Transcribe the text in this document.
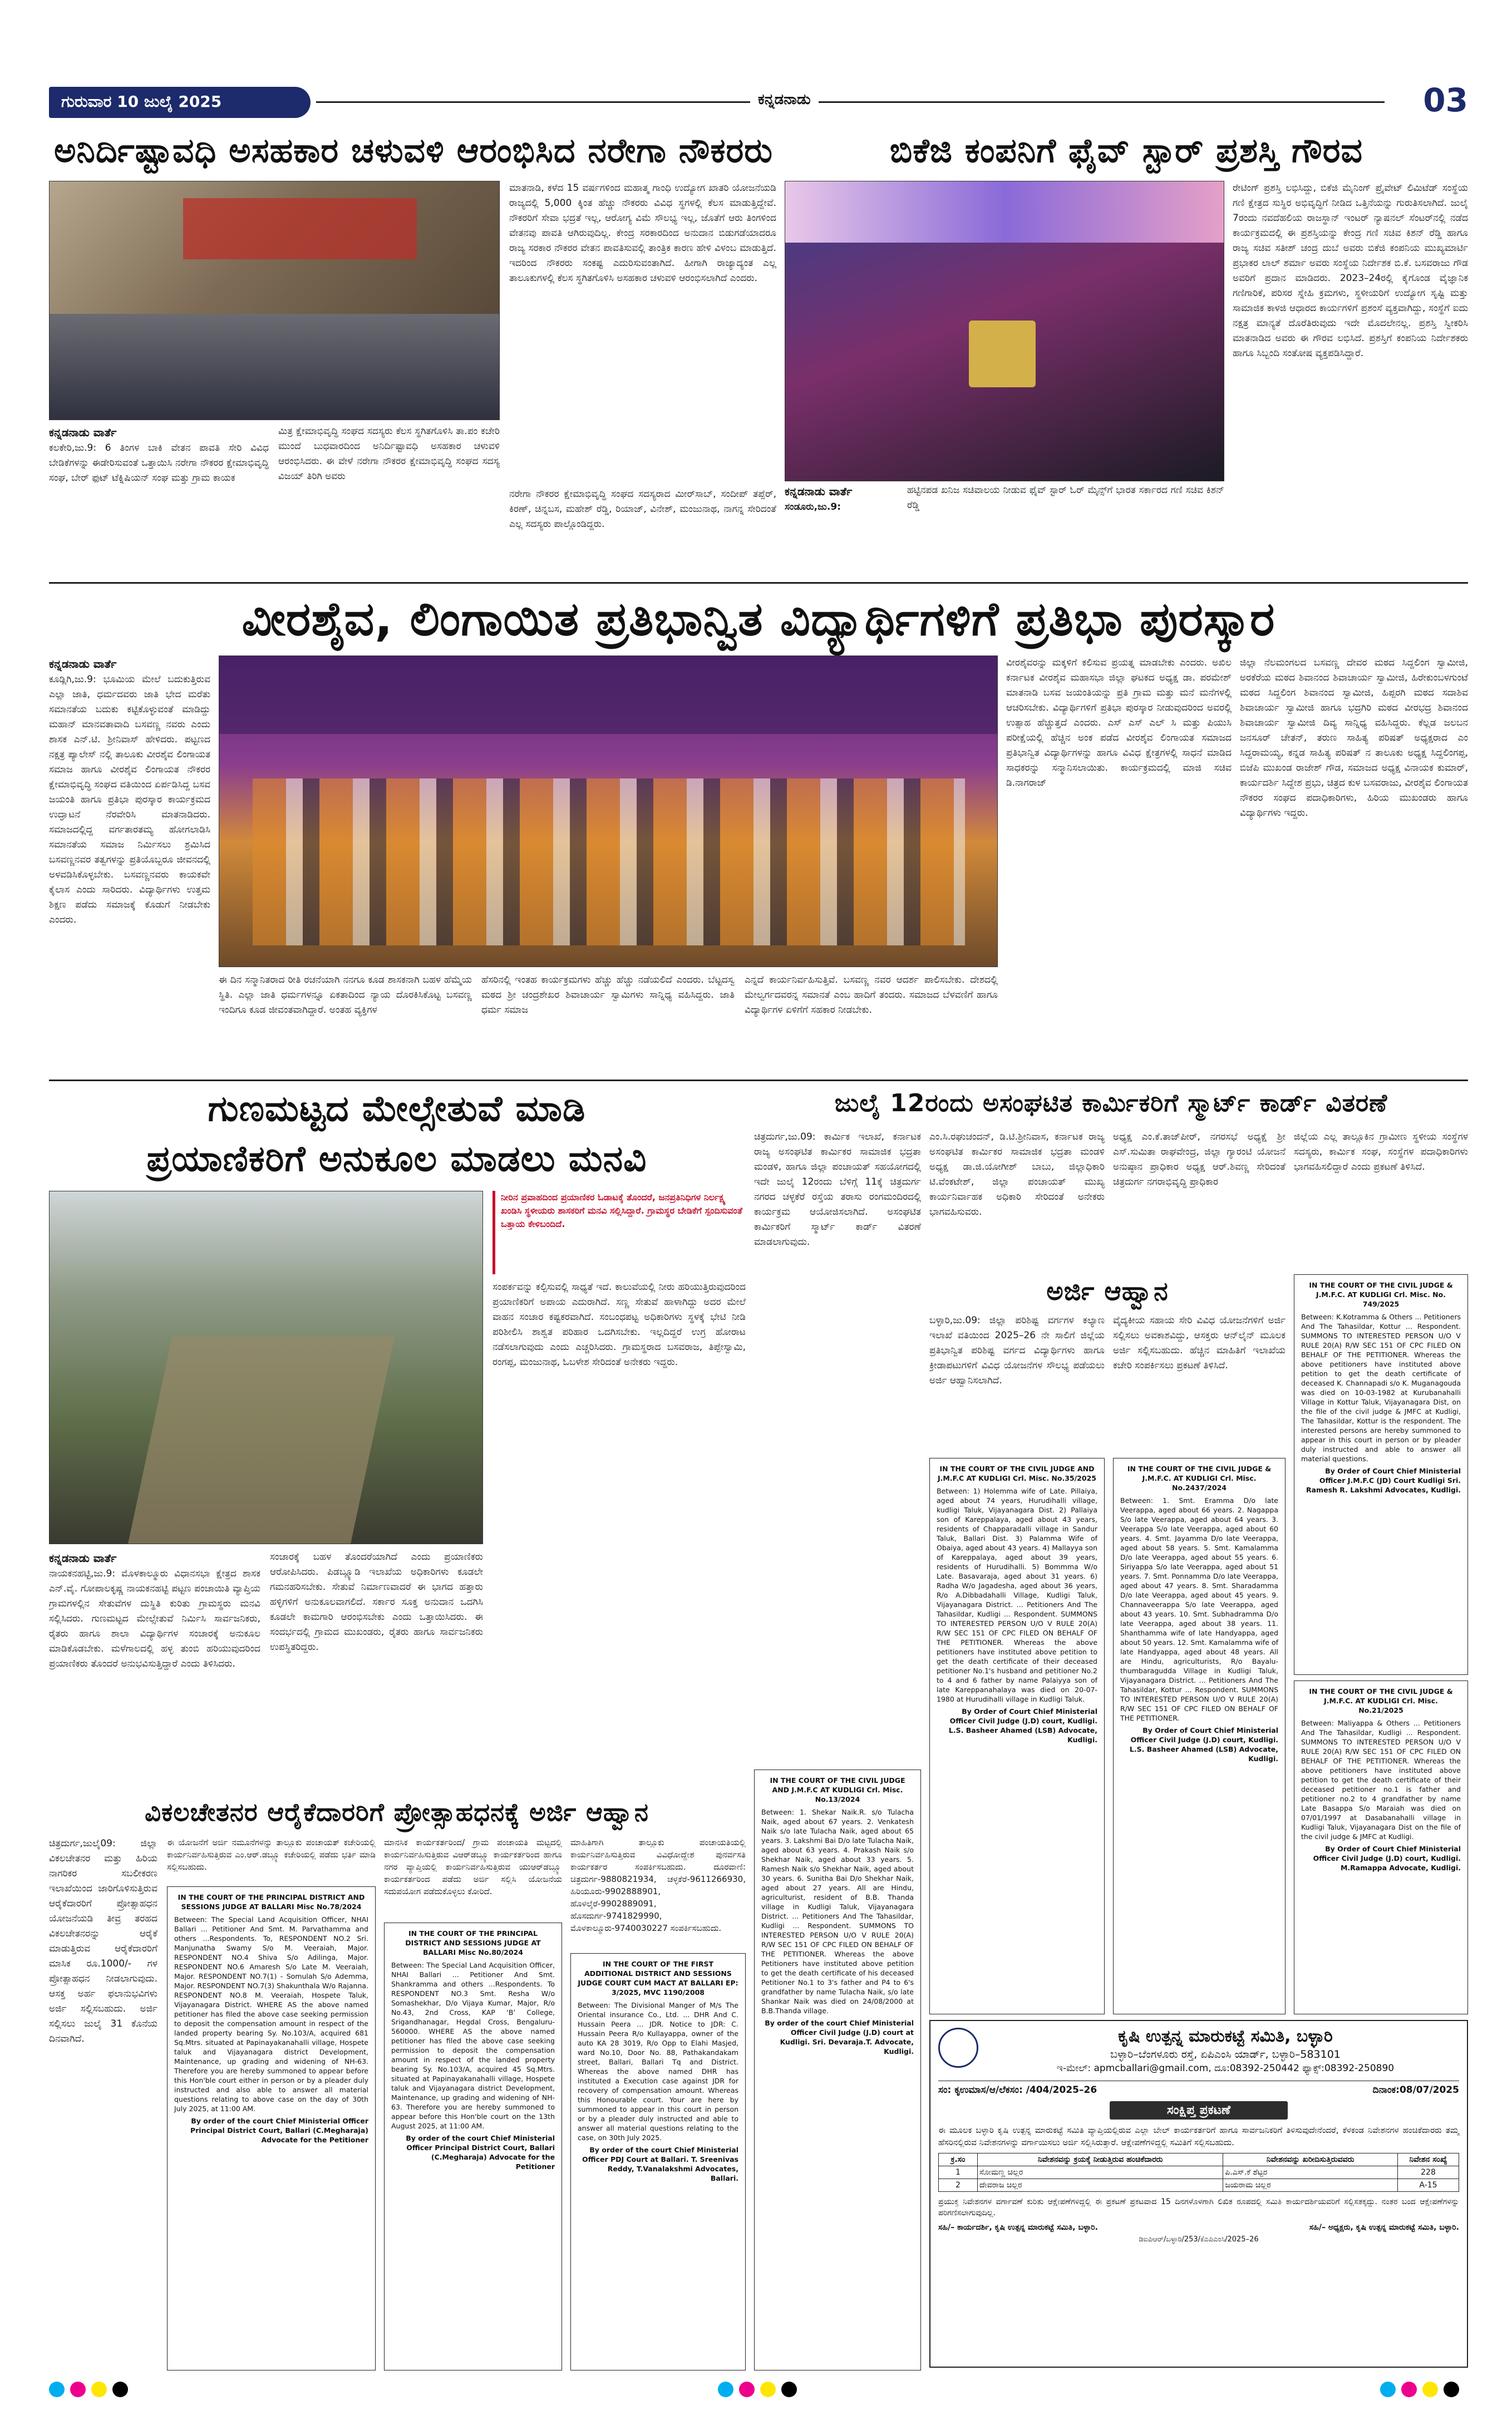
ಗುರುವಾರ 10 ಜುಲೈ 2025	ಕನ್ನಡನಾಡು	03
ಅನಿರ್ದಿಷ್ಟಾವಧಿ ಅಸಹಕಾರ ಚಳುವಳಿ ಆರಂಭಿಸಿದ ನರೇಗಾ ನೌಕರರು
ಕನ್ನಡನಾಡು ವಾರ್ತೆ
ಕಲಕೇರಿ,ಜು.9: 6 ತಿಂಗಳ ಬಾಕಿ ವೇತನ ಪಾವತಿ ಸೇರಿ ವಿವಿಧ ಬೇಡಿಕೆಗಳನ್ನು ಈಡೇರಿಸುವಂತೆ ಒತ್ತಾಯಿಸಿ ನರೇಗಾ ನೌಕರರ ಕ್ಷೇಮಾಭಿವೃದ್ಧಿ ಸಂಘ, ಬೇರ್ ಫುಟ್ ಟೆಕ್ನಿಷಿಯನ್ ಸಂಘ ಮತ್ತು ಗ್ರಾಮ ಕಾಯಕ
ಮಿತ್ರ ಕ್ಷೇಮಾಭಿವೃದ್ಧಿ ಸಂಘದ ಸದಸ್ಯರು ಕೆಲಸ ಸ್ಥಗಿತಗೊಳಿಸಿ ತಾ.ಪಂ ಕಚೇರಿ ಮುಂದೆ ಬುಧವಾರದಿಂದ ಅನಿರ್ದಿಷ್ಟಾವಧಿ ಅಸಹಕಾರ ಚಳುವಳಿ ಆರಂಭಿಸಿದರು. ಈ ವೇಳೆ ನರೇಗಾ ನೌಕರರ ಕ್ಷೇಮಾಭಿವೃದ್ಧಿ ಸಂಘದ ಸದಸ್ಯ ವಿಜಯ್ ತಿರಿಗಿ ಅವರು
ಮಾತನಾಡಿ, ಕಳೆದ 15 ವರ್ಷಗಳಿಂದ ಮಹಾತ್ಮ ಗಾಂಧಿ ಉದ್ಯೋಗ ಖಾತರಿ ಯೋಜನೆಯಡಿ ರಾಜ್ಯದಲ್ಲಿ 5,000 ಕ್ಕಿಂತ ಹೆಚ್ಚು ನೌಕರರು ವಿವಿಧ ಸ್ಥಗಳಲ್ಲಿ ಕೆಲಸ ಮಾಡುತ್ತಿದ್ದೇವೆ. ನೌಕರರಿಗೆ ಸೇವಾ ಭದ್ರತೆ ಇಲ್ಲ, ಆರೋಗ್ಯ ವಿಮೆ ಸೌಲಭ್ಯ ಇಲ್ಲ, ಜೊತೆಗೆ ಆರು ತಿಂಗಳಿಂದ ವೇತನವು ಪಾವತಿ ಆಗಿರುವುದಿಲ್ಲ. ಕೇಂದ್ರ ಸರಕಾರದಿಂದ ಅನುದಾನ ಬಿಡುಗಡೆಯಾದರೂ ರಾಜ್ಯ ಸರಕಾರ ನೌಕರರ ವೇತನ ಪಾವತಿಸುವಲ್ಲಿ ತಾಂತ್ರಿಕ ಕಾರಣ ಹೇಳಿ ವಿಳಂಬ ಮಾಡುತ್ತಿದೆ. ಇದರಿಂದ ನೌಕರರು ಸಂಕಷ್ಟ ಎದುರಿಸುವಂತಾಗಿದೆ. ಹೀಗಾಗಿ ರಾಜ್ಯಾದ್ಯಂತ ಎಲ್ಲ ತಾಲೂಕುಗಳಲ್ಲಿ ಕೆಲಸ ಸ್ಥಗಿತಗೊಳಿಸಿ ಅಸಹಕಾರ ಚಳುವಳಿ ಆರಂಭಿಸಲಾಗಿದೆ ಎಂದರು.
ನರೇಗಾ ನೌಕರರ ಕ್ಷೇಮಾಭಿವೃದ್ಧಿ ಸಂಘದ ಸದಸ್ಯರಾದ ಮೀರ್‌ಸಾಬ್, ಸಂದೀಪ್ ತಪ್ಪೆರ್, ಕಿರಣ್, ಚಿನ್ನಬಸ, ಮಹೇಶ್ ರೆಡ್ಡಿ, ರಿಯಾಜ್, ವಿನೇಶ್, ಮಂಜುನಾಥ, ನಾಗನ್ನ ಸೇರಿದಂತೆ ಎಲ್ಲ ಸದಸ್ಯರು ಪಾಲ್ಗೊಂಡಿದ್ದರು.
ಬಿಕೆಜಿ ಕಂಪನಿಗೆ ಫೈವ್ ಸ್ಟಾರ್ ಪ್ರಶಸ್ತಿ ಗೌರವ
ಕನ್ನಡನಾಡು ವಾರ್ತೆ
ಸಂಡೂರು,ಜು.9:
ಹಟ್ಟಿನಪಡ ಖನಿಜ ಸಚಿವಾಲಯ ನೀಡುವ ಫೈವ್ ಸ್ಟಾರ್ ಓರ್ ಮೈನ್ಸ್‌ಗೆ ಭಾರತ ಸರ್ಕಾರದ ಗಣಿ ಸಚಿವ ಕಿಶನ್ ರೆಡ್ಡಿ
ರೇಟಿಂಗ್ ಪ್ರಶಸ್ತಿ ಲಭಿಸಿದ್ದು, ಬಿಕೆಜಿ ಮೈನಿಂಗ್ ಪ್ರೈವೇಟ್ ಲಿಮಿಟೆಡ್ ಸಂಸ್ಥೆಯ ಗಣಿ ಕ್ಷೇತ್ರದ ಸುಸ್ಥಿರ ಅಭಿವೃದ್ಧಿಗೆ ನೀಡಿದ ಒತ್ತಿನೆಯನ್ನು ಗುರುತಿಸಲಾಗಿದೆ. ಜುಲೈ 7ರಂದು ನವದೆಹಲಿಯ ರಾಜಸ್ಥಾನ್ ಇಂಟರ್ ನ್ಯಾಷನಲ್ ಸೆಂಟರ್‌ನಲ್ಲಿ ನಡೆದ ಕಾರ್ಯಕ್ರಮದಲ್ಲಿ ಈ ಪ್ರಶಸ್ತಿಯನ್ನು ಕೇಂದ್ರ ಗಣಿ ಸಚಿವ ಕಿಶನ್ ರೆಡ್ಡಿ ಹಾಗೂ ರಾಜ್ಯ ಸಚಿವ ಸತೀಶ್ ಚಂದ್ರ ದುಬೆ ಅವರು ಬಿಕೆಜಿ ಕಂಪನಿಯ ಮುಖ್ಯಮಾರ್ಟಿ ಪ್ರಭಾಕರ ಲಾಲ್ ಶರ್ಮಾ ಅವರು ಸಂಸ್ಥೆಯ ನಿರ್ದೇಶಕ ಬಿ.ಕೆ. ಬಸವರಾಜು ಗೌಡ ಅವರಿಗೆ ಪ್ರದಾನ ಮಾಡಿದರು. 2023–24ರಲ್ಲಿ ಕೈಗೊಂಡ ವೈಜ್ಞಾನಿಕ ಗಣಿಗಾರಿಕೆ, ಪರಿಸರ ಸ್ನೇಹಿ ಕ್ರಮಗಳು, ಸ್ಥಳೀಯರಿಗೆ ಉದ್ಯೋಗ ಸೃಷ್ಟಿ ಮತ್ತು ಸಾಮಾಜಿಕ ಕಾಳಜಿ ಆಧಾರದ ಕಾರ್ಯಗಳಿಗೆ ಪ್ರಶಂಸೆ ವ್ಯಕ್ತವಾಗಿದ್ದು, ಸಂಸ್ಥೆಗೆ ಐದು ನಕ್ಷತ್ರ ಮಾನ್ಯತೆ ದೊರೆತಿರುವುದು ಇದೇ ಮೊದಲೇನಲ್ಲ. ಪ್ರಶಸ್ತಿ ಸ್ವೀಕರಿಸಿ ಮಾತನಾಡಿದ ಅವರು ಈ ಗೌರವ ಲಭಿಸಿದೆ. ಪ್ರಶಸ್ತಿಗೆ ಕಂಪನಿಯ ನಿರ್ದೇಶಕರು ಹಾಗೂ ಸಿಬ್ಬಂದಿ ಸಂತೋಷ ವ್ಯಕ್ತಪಡಿಸಿದ್ದಾರೆ.
ವೀರಶೈವ, ಲಿಂಗಾಯಿತ ಪ್ರತಿಭಾನ್ವಿತ ವಿದ್ಯಾರ್ಥಿಗಳಿಗೆ ಪ್ರತಿಭಾ ಪುರಸ್ಕಾರ
ಕನ್ನಡನಾಡು ವಾರ್ತೆ
ಕೂಡ್ಲಿಗಿ,ಜು.9: ಭೂಮಿಯ ಮೇಲೆ ಬದುಕುತ್ತಿರುವ ಎಲ್ಲಾ ಜಾತಿ, ಧರ್ಮದವರು ಜಾತಿ ಭೇದ ಮರೆತು ಸಮಾನತೆಯ ಬದುಕು ಕಟ್ಟಿಕೊಳ್ಳುವಂತೆ ಮಾಡಿದ್ದು ಮಹಾನ್ ಮಾನವತಾವಾದಿ ಬಸವಣ್ಣ ನವರು ಎಂದು ಶಾಸಕ ಎನ್.ಟಿ. ಶ್ರೀನಿವಾಸ್ ಹೇಳಿದರು. ಪಟ್ಟಣದ ನಕ್ಷತ್ರ ಪ್ಯಾಲೇಸ್ ನಲ್ಲಿ ತಾಲೂಕು ವೀರಶೈವ ಲಿಂಗಾಯತ ಸಮಾಜ ಹಾಗೂ ವೀರಶೈವ ಲಿಂಗಾಯತ ನೌಕರರ ಕ್ಷೇಮಾಭಿವೃದ್ಧಿ ಸಂಘದ ವತಿಯಿಂದ ಏರ್ಪಡಿಸಿದ್ದ ಬಸವ ಜಯಂತಿ ಹಾಗೂ ಪ್ರತಿಭಾ ಪುರಸ್ಕಾರ ಕಾರ್ಯಕ್ರಮದ ಉದ್ಘಾಟನೆ ನೆರವೇರಿಸಿ ಮಾತನಾಡಿದರು. ಸಮಾಜದಲ್ಲಿದ್ದ ವರ್ಗತಾರತಮ್ಯ ಹೋಗಲಾಡಿಸಿ ಸಮಾನತೆಯ ಸಮಾಜ ನಿರ್ಮಿಸಲು ಶ್ರಮಿಸಿದ ಬಸವಣ್ಣನವರ ತತ್ವಗಳನ್ನು ಪ್ರತಿಯೊಬ್ಬರೂ ಜೀವನದಲ್ಲಿ ಅಳವಡಿಸಿಕೊಳ್ಳಬೇಕು. ಬಸವಣ್ಣನವರು ಕಾಯಕವೇ ಕೈಲಾಸ ಎಂದು ಸಾರಿದರು. ವಿದ್ಯಾರ್ಥಿಗಳು ಉತ್ತಮ ಶಿಕ್ಷಣ ಪಡೆದು ಸಮಾಜಕ್ಕೆ ಕೊಡುಗೆ ನೀಡಬೇಕು ಎಂದರು.
ಈ ದಿನ ಸನ್ಮಾನಿತರಾದ ರೀತಿ ರಚನೆಯಾಗಿ ನನಗೂ ಕೂಡ ಶಾಸಕನಾಗಿ ಬಹಳ ಹೆಮ್ಮೆಯ ಸ್ಥಿತಿ. ಎಲ್ಲಾ ಜಾತಿ ಧರ್ಮಗಳನ್ನೂ ಏಕತಾದಿಂದ ನ್ಯಾಯ ದೊರಕಿಸಿಕೊಟ್ಟ ಬಸವಣ್ಣ ಇಂದಿಗೂ ಕೂಡ ಜೀವಂತವಾಗಿದ್ದಾರೆ. ಅಂತಹ ವ್ಯಕ್ತಿಗಳ
ಹೆಸರಿನಲ್ಲಿ ಇಂತಹ ಕಾರ್ಯಕ್ರಮಗಳು ಹೆಚ್ಚು ಹೆಚ್ಚು ನಡೆಯಲಿದೆ ಎಂದರು. ಬೆಟ್ಟದಸ್ವ ಮಠದ ಶ್ರೀ ಚಂದ್ರಶೇಖರ ಶಿವಾಚಾರ್ಯ ಸ್ವಾಮಿಗಳು ಸಾನ್ನಿಧ್ಯ ವಹಿಸಿದ್ದರು. ಜಾತಿ ಧರ್ಮ ಸಮಾಜ
ಎನ್ನದೆ ಕಾರ್ಯನಿರ್ವಹಿಸುತ್ತಿವೆ. ಬಸವಣ್ಣ ನವರ ಆದರ್ಶ ಪಾಲಿಸಬೇಕು. ದೇಶದಲ್ಲಿ ಮೇಲ್ವರ್ಗದವರನ್ನ ಸಮಾನತೆ ಎಂಬ ಹಾದಿಗೆ ತಂದರು. ಸಮಾಜದ ಬೆಳವಣಿಗೆ ಹಾಗೂ ವಿದ್ಯಾರ್ಥಿಗಳ ಏಳಿಗೆಗೆ ಸಹಕಾರ ನೀಡಬೇಕು.
ವೀರಶೈವರನ್ನು ಮಕ್ಕಳಿಗೆ ಕಲಿಸುವ ಪ್ರಯತ್ನ ಮಾಡಬೇಕು ಎಂದರು. ಅಖಿಲ ಕರ್ನಾಟಕ ವೀರಶೈವ ಮಹಾಸಭಾ ಜಿಲ್ಲಾ ಘಟಕದ ಅಧ್ಯಕ್ಷ ಡಾ. ಪರಮೇಶ್ ಮಾತನಾಡಿ ಬಸವ ಜಯಂತಿಯನ್ನು ಪ್ರತಿ ಗ್ರಾಮ ಮತ್ತು ಮನೆ ಮನೆಗಳಲ್ಲಿ ಆಚರಿಸಬೇಕು. ವಿದ್ಯಾರ್ಥಿಗಳಿಗೆ ಪ್ರತಿಭಾ ಪುರಸ್ಕಾರ ನೀಡುವುದರಿಂದ ಅವರಲ್ಲಿ ಉತ್ಸಾಹ ಹೆಚ್ಚುತ್ತದೆ ಎಂದರು. ಎಸ್ ಎಸ್ ಎಲ್ ಸಿ ಮತ್ತು ಪಿಯುಸಿ ಪರೀಕ್ಷೆಯಲ್ಲಿ ಹೆಚ್ಚಿನ ಅಂಕ ಪಡೆದ ವೀರಶೈವ ಲಿಂಗಾಯತ ಸಮಾಜದ ಪ್ರತಿಭಾನ್ವಿತ ವಿದ್ಯಾರ್ಥಿಗಳನ್ನು ಹಾಗೂ ವಿವಿಧ ಕ್ಷೇತ್ರಗಳಲ್ಲಿ ಸಾಧನೆ ಮಾಡಿದ ಸಾಧಕರನ್ನು ಸನ್ಮಾನಿಸಲಾಯಿತು. ಕಾರ್ಯಕ್ರಮದಲ್ಲಿ ಮಾಜಿ ಸಚಿವ ಡಿ.ನಾಗರಾಜ್
ಜಿಲ್ಲಾ ನೆಲಮಂಗಲದ ಬಸವಣ್ಣ ದೇವರ ಮಠದ ಸಿದ್ದಲಿಂಗ ಸ್ವಾಮೀಜಿ, ಅರಕೆರೆಯ ಮಠದ ಶಿವಾನಂದ ಶಿವಾಚಾರ್ಯ ಸ್ವಾಮೀಜಿ, ಹಿರೇಕುಂಬಳಗುಂಟೆ ಮಠದ ಸಿದ್ದಲಿಂಗ ಶಿವಾನಂದ ಸ್ವಾಮೀಜಿ, ಹಿಪ್ಪರಗಿ ಮಠದ ಸದಾಶಿವ ಶಿವಾಚಾರ್ಯ ಸ್ವಾಮೀಜಿ ಹಾಗೂ ಭದ್ರಗಿರಿ ಮಠದ ವೀರಭದ್ರ ಶಿವಾನಂದ ಶಿವಾಚಾರ್ಯ ಸ್ವಾಮೀಜಿ ದಿವ್ಯ ಸಾನ್ನಿಧ್ಯ ವಹಿಸಿದ್ದರು. ಕೆಲ್ಲಡ ಜಲಬನ ಜನಸೂರ್ ಚೇತನ್, ತರುಣ ಸಾಹಿತ್ಯ ಪರಿಷತ್ ಅಧ್ಯಕ್ಷರಾದ ಎಂ ಸಿದ್ದರಾಮಯ್ಯ, ಕನ್ನಡ ಸಾಹಿತ್ಯ ಪರಿಷತ್ ನ ತಾಲೂಕು ಅಧ್ಯಕ್ಷ ಸಿದ್ದಲಿಂಗಪ್ಪ, ಬಿಜೆಪಿ ಮುಖಂಡ ರಾಜೇಶ್ ಗೌಡ, ಸಮಾಜದ ಅಧ್ಯಕ್ಷ ವಿನಾಯಕ ಕುಮಾರ್, ಕಾರ್ಯದರ್ಶಿ ಸಿದ್ದೇಶ ಪ್ರಭು, ಚಿತ್ರದ ಕುಳ ಬಸವರಾಜು, ವೀರಶೈವ ಲಿಂಗಾಯತ ನೌಕರರ ಸಂಘದ ಪದಾಧಿಕಾರಿಗಳು, ಹಿರಿಯ ಮುಖಂಡರು ಹಾಗೂ ವಿದ್ಯಾರ್ಥಿಗಳು ಇದ್ದರು.
ಗುಣಮಟ್ಟದ ಮೇಲ್ಸೇತುವೆ ಮಾಡಿ
ಪ್ರಯಾಣಿಕರಿಗೆ ಅನುಕೂಲ ಮಾಡಲು ಮನವಿ
ನೀರಿನ ಪ್ರವಾಹದಿಂದ ಪ್ರಯಾಣಿಕರ ಓಡಾಟಕ್ಕೆ ತೊಂದರೆ, ಜನಪ್ರತಿನಿಧಿಗಳ ನಿರ್ಲಕ್ಷ್ಯ ಖಂಡಿಸಿ ಸ್ಥಳೀಯರು ಶಾಸಕರಿಗೆ ಮನವಿ ಸಲ್ಲಿಸಿದ್ದಾರೆ. ಗ್ರಾಮಸ್ಥರ ಬೇಡಿಕೆಗೆ ಸ್ಪಂದಿಸುವಂತೆ ಒತ್ತಾಯ ಕೇಳಿಬಂದಿದೆ.
ಕನ್ನಡನಾಡು ವಾರ್ತೆ
ನಾಯಕನಹಟ್ಟಿ,ಜು.9: ಮೊಳಕಾಲ್ಮೂರು ವಿಧಾನಸಭಾ ಕ್ಷೇತ್ರದ ಶಾಸಕ ಎನ್.ವೈ. ಗೋಪಾಲಕೃಷ್ಣ ನಾಯಕನಹಟ್ಟಿ ಪಟ್ಟಣ ಪಂಚಾಯಿತಿ ವ್ಯಾಪ್ತಿಯ ಗ್ರಾಮಗಳಲ್ಲಿನ ಸೇತುವೆಗಳ ದುಸ್ಥಿತಿ ಕುರಿತು ಗ್ರಾಮಸ್ಥರು ಮನವಿ ಸಲ್ಲಿಸಿದರು. ಗುಣಮಟ್ಟದ ಮೇಲ್ಸೇತುವೆ ನಿರ್ಮಿಸಿ ಸಾರ್ವಜನಿಕರು, ರೈತರು ಹಾಗೂ ಶಾಲಾ ವಿದ್ಯಾರ್ಥಿಗಳ ಸಂಚಾರಕ್ಕೆ ಅನುಕೂಲ ಮಾಡಿಕೊಡಬೇಕು. ಮಳೆಗಾಲದಲ್ಲಿ ಹಳ್ಳ ತುಂಬಿ ಹರಿಯುವುದರಿಂದ ಪ್ರಯಾಣಿಕರು ತೊಂದರೆ ಅನುಭವಿಸುತ್ತಿದ್ದಾರೆ ಎಂದು ತಿಳಿಸಿದರು.
ಸಂಚಾರಕ್ಕೆ ಬಹಳ ತೊಂದರೆಯಾಗಿದೆ ಎಂದು ಪ್ರಯಾಣಿಕರು ಆರೋಪಿಸಿದರು. ಪಿಡಬ್ಲ್ಯೂಡಿ ಇಲಾಖೆಯ ಅಧಿಕಾರಿಗಳು ಕೂಡಲೇ ಗಮನಹರಿಸಬೇಕು. ಸೇತುವೆ ನಿರ್ಮಾಣವಾದರೆ ಈ ಭಾಗದ ಹತ್ತಾರು ಹಳ್ಳಿಗಳಿಗೆ ಅನುಕೂಲವಾಗಲಿದೆ. ಸರ್ಕಾರ ಸೂಕ್ತ ಅನುದಾನ ಒದಗಿಸಿ ಕೂಡಲೇ ಕಾಮಗಾರಿ ಆರಂಭಿಸಬೇಕು ಎಂದು ಒತ್ತಾಯಿಸಿದರು. ಈ ಸಂದರ್ಭದಲ್ಲಿ ಗ್ರಾಮದ ಮುಖಂಡರು, ರೈತರು ಹಾಗೂ ಸಾರ್ವಜನಿಕರು ಉಪಸ್ಥಿತರಿದ್ದರು.
ಸಂಪರ್ಕವನ್ನು ಕಲ್ಪಿಸುವಲ್ಲಿ ಸಾಧ್ಯತೆ ಇದೆ. ಕಾಲುವೆಯಲ್ಲಿ ನೀರು ಹರಿಯುತ್ತಿರುವುದರಿಂದ ಪ್ರಯಾಣಿಕರಿಗೆ ಅಪಾಯ ಎದುರಾಗಿದೆ. ಸಣ್ಣ ಸೇತುವೆ ಹಾಳಾಗಿದ್ದು ಅದರ ಮೇಲೆ ವಾಹನ ಸಂಚಾರ ಕಷ್ಟಕರವಾಗಿದೆ. ಸಂಬಂಧಪಟ್ಟ ಅಧಿಕಾರಿಗಳು ಸ್ಥಳಕ್ಕೆ ಭೇಟಿ ನೀಡಿ ಪರಿಶೀಲಿಸಿ ಶಾಶ್ವತ ಪರಿಹಾರ ಒದಗಿಸಬೇಕು. ಇಲ್ಲದಿದ್ದರೆ ಉಗ್ರ ಹೋರಾಟ ನಡೆಸಲಾಗುವುದು ಎಂದು ಎಚ್ಚರಿಸಿದರು. ಗ್ರಾಮಸ್ಥರಾದ ಬಸವರಾಜ, ತಿಪ್ಪೇಸ್ವಾಮಿ, ರಂಗಪ್ಪ, ಮಂಜುನಾಥ, ಓಬಳೇಶ ಸೇರಿದಂತೆ ಅನೇಕರು ಇದ್ದರು.
ಜುಲೈ 12ರಂದು ಅಸಂಘಟಿತ ಕಾರ್ಮಿಕರಿಗೆ ಸ್ಮಾರ್ಟ್ ಕಾರ್ಡ್ ವಿತರಣೆ
ಚಿತ್ರದುರ್ಗ,ಜು.09: ಕಾರ್ಮಿಕ ಇಲಾಖೆ, ಕರ್ನಾಟಕ ರಾಜ್ಯ ಅಸಂಘಟಿತ ಕಾರ್ಮಿಕರ ಸಾಮಾಜಿಕ ಭದ್ರತಾ ಮಂಡಳಿ, ಹಾಗೂ ಜಿಲ್ಲಾ ಪಂಚಾಯತ್ ಸಹಯೋಗದಲ್ಲಿ ಇದೇ ಜುಲೈ 12ರಂದು ಬೆಳಿಗ್ಗೆ 11ಕ್ಕೆ ಚಿತ್ರದುರ್ಗ ನಗರದ ಚಳ್ಳಕೆರೆ ರಸ್ತೆಯ ತರಾಸು ರಂಗಮಂದಿರದಲ್ಲಿ ಕಾರ್ಯಕ್ರಮ ಆಯೋಜಿಸಲಾಗಿದೆ. ಅಸಂಘಟಿತ ಕಾರ್ಮಿಕರಿಗೆ ಸ್ಮಾರ್ಟ್ ಕಾರ್ಡ್ ವಿತರಣೆ ಮಾಡಲಾಗುವುದು.
ಎಂ.ಸಿ.ರಘುಚಂದನ್, ಡಿ.ಟಿ.ಶ್ರೀನಿವಾಸ, ಕರ್ನಾಟಕ ರಾಜ್ಯ ಅಸಂಘಟಿತ ಕಾರ್ಮಿಕರ ಸಾಮಾಜಿಕ ಭದ್ರತಾ ಮಂಡಳಿ ಅಧ್ಯಕ್ಷ ಡಾ.ಜಿ.ಯೋಗೀಶ್ ಬಾಬು, ಜಿಲ್ಲಾಧಿಕಾರಿ ಟಿ.ವೆಂಕಟೇಶ್, ಜಿಲ್ಲಾ ಪಂಚಾಯತ್ ಮುಖ್ಯ ಕಾರ್ಯನಿರ್ವಾಹಕ ಅಧಿಕಾರಿ ಸೇರಿದಂತೆ ಅನೇಕರು ಭಾಗವಹಿಸುವರು.
ಅಧ್ಯಕ್ಷ ಎಂ.ಕೆ.ತಾಜ್‌ಪೀರ್, ನಗರಸಭೆ ಅಧ್ಯಕ್ಷೆ ಶ್ರೀ ಎಸ್.ಸುಮಿತಾ ರಾಘವೇಂದ್ರ, ಜಿಲ್ಲಾ ಗ್ಯಾರಂಟಿ ಯೋಜನೆ ಅನುಷ್ಠಾನ ಪ್ರಾಧಿಕಾರ ಅಧ್ಯಕ್ಷ ಆರ್.ಶಿವಣ್ಣ ಸೇರಿದಂತೆ ಚಿತ್ರದುರ್ಗ ನಗರಾಭಿವೃದ್ಧಿ ಪ್ರಾಧಿಕಾರ
ಜಿಲ್ಲೆಯ ಎಲ್ಲ ತಾಲ್ಲೂಕಿನ ಗ್ರಾಮೀಣ ಸ್ಥಳೀಯ ಸಂಸ್ಥೆಗಳ ಸದಸ್ಯರು, ಕಾರ್ಮಿಕ ಸಂಘ, ಸಂಸ್ಥೆಗಳ ಪದಾಧಿಕಾರಿಗಳು ಭಾಗವಹಿಸಲಿದ್ದಾರೆ ಎಂದು ಪ್ರಕಟಣೆ ತಿಳಿಸಿದೆ.
ಅರ್ಜಿ ಆಹ್ವಾನ
ಬಳ್ಳಾರಿ,ಜು.09: ಜಿಲ್ಲಾ ಪರಿಶಿಷ್ಟ ವರ್ಗಗಳ ಕಲ್ಯಾಣ ಇಲಾಖೆ ವತಿಯಿಂದ 2025–26 ನೇ ಸಾಲಿಗೆ ಜಿಲ್ಲೆಯ ಪ್ರತಿಭಾನ್ವಿತ ಪರಿಶಿಷ್ಟ ವರ್ಗದ ವಿದ್ಯಾರ್ಥಿಗಳು ಹಾಗೂ ಕ್ರೀಡಾಪಟುಗಳಿಗೆ ವಿವಿಧ ಯೋಜನೆಗಳ ಸೌಲಭ್ಯ ಪಡೆಯಲು ಅರ್ಜಿ ಆಹ್ವಾನಿಸಲಾಗಿದೆ.
ವೈದ್ಯಕೀಯ ಸಹಾಯ ಸೇರಿ ವಿವಿಧ ಯೋಜನೆಗಳಿಗೆ ಅರ್ಜಿ ಸಲ್ಲಿಸಲು ಅವಕಾಶವಿದ್ದು, ಆಸಕ್ತರು ಆನ್‌ಲೈನ್ ಮೂಲಕ ಅರ್ಜಿ ಸಲ್ಲಿಸಬಹುದು. ಹೆಚ್ಚಿನ ಮಾಹಿತಿಗೆ ಇಲಾಖೆಯ ಕಚೇರಿ ಸಂಪರ್ಕಿಸಲು ಪ್ರಕಟಣೆ ತಿಳಿಸಿದೆ.
ವಿಕಲಚೇತನರ ಆರೈಕೆದಾರರಿಗೆ ಪ್ರೋತ್ಸಾಹಧನಕ್ಕೆ ಅರ್ಜಿ ಆಹ್ವಾನ
ಚಿತ್ರದುರ್ಗ,ಜುಲೈ09: ಜಿಲ್ಲಾ ವಿಕಲಚೇತನರ ಮತ್ತು ಹಿರಿಯ ನಾಗರಿಕರ ಸಬಲೀಕರಣ ಇಲಾಖೆಯಿಂದ ಜಾರಿಗೊಳಿಸುತ್ತಿರುವ ಆರೈಕೆದಾರರಿಗೆ ಪ್ರೋತ್ಸಾಹಧನ ಯೋಜನೆಯಡಿ ತೀವ್ರ ತರಹದ ವಿಕಲಚೇತನರನ್ನು ಆರೈಕೆ ಮಾಡುತ್ತಿರುವ ಆರೈಕೆದಾರರಿಗೆ ಮಾಸಿಕ ರೂ.1000/- ಗಳ ಪ್ರೋತ್ಸಾಹಧನ ನೀಡಲಾಗುವುದು. ಆಸಕ್ತ ಅರ್ಹ ಫಲಾನುಭವಿಗಳು ಅರ್ಜಿ ಸಲ್ಲಿಸಬಹುದು. ಅರ್ಜಿ ಸಲ್ಲಿಸಲು ಜುಲೈ 31 ಕೊನೆಯ ದಿನವಾಗಿದೆ.
ಈ ಯೋಜನೆಗೆ ಅರ್ಜಿ ನಮೂನೆಗಳನ್ನು ತಾಲ್ಲೂಕು ಪಂಚಾಯತ್ ಕಚೇರಿಯಲ್ಲಿ ಕಾರ್ಯನಿರ್ವಹಿಸುತ್ತಿರುವ ಎಂ.ಆರ್.ಡಬ್ಲ್ಯೂ ಕಚೇರಿಯಲ್ಲಿ ಪಡೆದು ಭರ್ತಿ ಮಾಡಿ ಸಲ್ಲಿಸಬಹುದು.
ಮಾನಸಿಕ ಕಾರ್ಯಕರ್ತರಿಂದ/ ಗ್ರಾಮ ಪಂಚಾಯತಿ ಮಟ್ಟದಲ್ಲಿ ಕಾರ್ಯನಿರ್ವಹಿಸುತ್ತಿರುವ ವಿಆರ್‌ಡಬ್ಲ್ಯೂ ಕಾರ್ಯಕರ್ತರಿಂದ ಹಾಗೂ ನಗರ ವ್ಯಾಪ್ತಿಯಲ್ಲಿ ಕಾರ್ಯನಿರ್ವಹಿಸುತ್ತಿರುವ ಯುಆರ್‌ಡಬ್ಲ್ಯೂ ಕಾರ್ಯಕರ್ತರಿಂದ ಪಡೆದು ಅರ್ಜಿ ಸಲ್ಲಿಸಿ ಯೋಜನೆಯ ಸದುಪಯೋಗ ಪಡೆದುಕೊಳ್ಳಲು ಕೋರಿದೆ.
ಮಾಹಿತಿಗಾಗಿ ತಾಲ್ಲೂಕು ಪಂಚಾಯತಿಯಲ್ಲಿ ಕಾರ್ಯನಿರ್ವಹಿಸುತ್ತಿರುವ ವಿವಿಧೋದ್ದೇಶ ಪುನರ್ವಸತಿ ಕಾರ್ಯಕರ್ತರ ಸಂಪರ್ಕಿಸಬಹುದು. ದೂರವಾಣಿ: ಚಿತ್ರದುರ್ಗ-9880821934, ಚಳ್ಳಕೆರೆ-9611266930, ಹಿರಿಯೂರು-9902888901, ಹೊಳಲ್ಕೆರೆ-9902889091, ಹೊಸದುರ್ಗ-9741829990, ಮೊಳಕಾಲ್ಮೂರು-9740030227 ಸಂಪರ್ಕಿಸಬಹುದು.
IN THE COURT OF THE PRINCIPAL DISTRICT AND SESSIONS JUDGE AT BALLARI Misc No.78/2024
Between: The Special Land Acquisition Officer, NHAI Ballari ... Petitioner And Smt. M. Parvathamma and others ...Respondents. To, RESPONDENT NO.2 Sri. Manjunatha Swamy S/o M. Veeraiah, Major. RESPONDENT NO.4 Shiva S/o Adilinga, Major. RESPONDENT NO.6 Amaresh S/o Late M. Veeraiah, Major. RESPONDENT NO.7(1) - Somulah S/o Ademma, Major. RESPONDENT NO.7(3) Shakunthala W/o Rajanna. RESPONDENT NO.8 M. Veeraiah, Hospete Taluk, Vijayanagara District. WHERE AS the above named petitioner has filed the above case seeking permission to deposit the compensation amount in respect of the landed property bearing Sy. No.103/A, acquired 681 Sq.Mtrs. situated at Papinayakanahalli village, Hospete taluk and Vijayanagara district Development, Maintenance, up grading and widening of NH-63. Therefore you are hereby summoned to appear before this Hon'ble court either in person or by a pleader duly instructed and also able to answer all material questions relating to above case on the day of 30th July 2025, at 11:00 AM.
By order of the court Chief Ministerial Officer Principal District Court, Ballari (C.Megharaja) Advocate for the Petitioner
IN THE COURT OF THE PRINCIPAL DISTRICT AND SESSIONS JUDGE AT BALLARI Misc No.80/2024
Between: The Special Land Acquisition Officer, NHAI Ballari ... Petitioner And Smt. Shankramma and others ...Respondents. To RESPONDENT NO.3 Smt. Resha W/o Somashekhar, D/o Vijaya Kumar, Major, R/o No.43, 2nd Cross, KAP ‘B’ College, Srigandhanagar, Hegdal Cross, Bengaluru-560000. WHERE AS the above named petitioner has filed the above case seeking permission to deposit the compensation amount in respect of the landed property bearing Sy. No.103/A, acquired 45 Sq.Mtrs. situated at Papinayakanahalli village, Hospete taluk and Vijayanagara district Development, Maintenance, up grading and widening of NH-63. Therefore you are hereby summoned to appear before this Hon'ble court on the 13th August 2025, at 11:00 AM.
By order of the court Chief Ministerial Officer Principal District Court, Ballari (C.Megharaja) Advocate for the Petitioner
IN THE COURT OF THE FIRST ADDITIONAL DISTRICT AND SESSIONS JUDGE COURT CUM MACT AT BALLARI EP: 3/2025, MVC 1190/2008
Between: The Divisional Manger of M/s The Oriental insurance Co., Ltd. ... DHR And C. Hussain Peera ... JDR. Notice to JDR: C. Hussain Peera R/o Kullayappa, owner of the auto KA 28 3019, R/o Opp to Elahi Masjed, ward No.10, Door No. 88, Pathakandakam street, Ballari, Ballari Tq and District. Whereas the above named DHR has instituted a Execution case against JDR for recovery of compensation amount. Whereas this Honourable court. Your are here by summoned to appear in this court in person or by a pleader duly instructed and able to answer all material questions relating to the case, on 30th July 2025.
By order of the court Chief Ministerial Officer PDJ Court at Ballari. T. Sreenivas Reddy, T.Vanalakshmi Advocates, Ballari.
IN THE COURT OF THE CIVIL JUDGE AND J.M.F.C AT KUDLIGI Crl. Misc. No.35/2025
Between: 1) Holemma wife of Late. Pillaiya, aged about 74 years, Hurudihalli village, kudligi Taluk, Vijayanagara Dist. 2) Pallaiya son of Kareppalaya, aged about 43 years, residents of Chapparadalli village in Sandur Taluk, Ballari Dist. 3) Palamma Wife of Obaiya, aged about 43 years. 4) Mallayya son of Kareppalaya, aged about 39 years, residents of Hurudihalli. 5) Bommma W/o Late. Basavaraja, aged about 31 years. 6) Radha W/o Jagadesha, aged about 36 years, R/o A.Dibbadahalli Village, Kudligi Taluk, Vijayanagara District. ... Petitioners And The Tahasildar, Kudligi ... Respondent. SUMMONS TO INTERESTED PERSON U/O V RULE 20(A) R/W SEC 151 OF CPC FILED ON BEHALF OF THE PETITIONER. Whereas the above petitioners have instituted above petition to get the death certificate of their deceased petitioner No.1's husband and petitioner No.2 to 4 and 6 father by name Palaiyya son of late Kareppanahalaya was died on 20-07-1980 at Hurudihalli village in Kudligi Taluk.
By Order of Court Chief Ministerial Officer Civil Judge (J.D) court, Kudligi. L.S. Basheer Ahamed (LSB) Advocate, Kudligi.
IN THE COURT OF THE CIVIL JUDGE AND J.M.F.C AT KUDLIGI Crl. Misc. No.13/2024
Between: 1. Shekar Naik.R. s/o Tulacha Naik, aged about 67 years. 2. Venkatesh Naik s/o late Tulacha Naik, aged about 65 years. 3. Lakshmi Bai D/o late Tulacha Naik, aged about 63 years. 4. Prakash Naik s/o Shekhar Naik, aged about 33 years. 5. Ramesh Naik s/o Shekhar Naik, aged about 30 years. 6. Sunitha Bai D/o Shekhar Naik, aged about 27 years. All are Hindu, agriculturist, resident of B.B. Thanda village in Kudligi Taluk, Vijayanagara District. ... Petitioners And The Tahasildar, Kudligi ... Respondent. SUMMONS TO INTERESTED PERSON U/O V RULE 20(A) R/W SEC 151 OF CPC FILED ON BEHALF OF THE PETITIONER. Whereas the above Petitioners have instituted above petition to get the death certificate of his deceased Petitioner No.1 to 3's father and P4 to 6's grandfather by name Tulacha Naik, s/o late Shankar Naik was died on 24/08/2000 at B.B.Thanda village.
By order of the court Chief Ministerial Officer Civil Judge (J.D) court at Kudligi. Sri. Devaraja.T. Advocate, Kudligi.
IN THE COURT OF THE CIVIL JUDGE & J.M.F.C. AT KUDLIGI Crl. Misc. No.2437/2024
Between: 1. Smt. Eramma D/o late Veerappa, aged about 66 years. 2. Nagappa S/o late Veerappa, aged about 64 years. 3. Veerappa S/o late Veerappa, aged about 60 years. 4. Smt. Jayamma D/o late Veerappa, aged about 58 years. 5. Smt. Kamalamma D/o late Veerappa, aged about 55 years. 6. Siriyappa S/o late Veerappa, aged about 51 years. 7. Smt. Ponnamma D/o late Veerappa, aged about 47 years. 8. Smt. Sharadamma D/o late Veerappa, aged about 45 years. 9. Channaveerappa S/o late Veerappa, aged about 43 years. 10. Smt. Subhadramma D/o late Veerappa, aged about 38 years. 11. Shanthamma wife of late Handyappa, aged about 50 years. 12. Smt. Kamalamma wife of late Handyappa, aged about 48 years. All are Hindu, agriculturists, R/o Bayalu-thumbaragudda Village in Kudligi Taluk, Vijayanagara District. ... Petitioners And The Tahasildar, Kottur ... Respondent. SUMMONS TO INTERESTED PERSON U/O V RULE 20(A) R/W SEC 151 OF CPC FILED ON BEHALF OF THE PETITIONER.
By Order of Court Chief Ministerial Officer Civil Judge (J.D) court, Kudligi. L.S. Basheer Ahamed (LSB) Advocate, Kudligi.
IN THE COURT OF THE CIVIL JUDGE & J.M.F.C. AT KUDLIGI Crl. Misc. No. 749/2025
Between: K.Kotramma & Others ... Petitioners And The Tahasildar, Kottur ... Respondent. SUMMONS TO INTERESTED PERSON U/O V RULE 20(A) R/W SEC 151 OF CPC FILED ON BEHALF OF THE PETITIONER. Whereas the above petitioners have instituted above petition to get the death certificate of deceased K. Channapadi s/o K. Muganagouda was died on 10-03-1982 at Kurubanahalli Village in Kottur Taluk, Vijayanagara Dist, on the file of the civil judge & JMFC at Kudligi, The Tahasildar, Kottur is the respondent. The interested persons are hereby summoned to appear in this court in person or by pleader duly instructed and able to answer all material questions.
By Order of Court Chief Ministerial Officer J.M.F.C (JD) Court Kudligi Sri. Ramesh R. Lakshmi Advocates, Kudligi.
IN THE COURT OF THE CIVIL JUDGE & J.M.F.C. AT KUDLIGI Crl. Misc. No.21/2025
Between: Maliyappa & Others ... Petitioners And The Tahasildar, Kudligi ... Respondent. SUMMONS TO INTERESTED PERSON U/O V RULE 20(A) R/W SEC 151 OF CPC FILED ON BEHALF OF THE PETITIONER. Whereas the above petitioners have instituted above petition to get the death certificate of their deceased petitioner no.1 is father and petitioner no.2 to 4 grandfather by name Late Basappa S/o Maraiah was died on 07/01/1997 at Dasabanahalli village in Kudligi Taluk, Vijayanagara Dist on the file of the civil judge & JMFC at Kudligi.
By Order of Court Chief Ministerial Officer Civil Judge (J.D) court, Kudligi. M.Ramappa Advocate, Kudligi.
ಕೃಷಿ ಉತ್ಪನ್ನ ಮಾರುಕಟ್ಟೆ ಸಮಿತಿ, ಬಳ್ಳಾರಿ
ಬಳ್ಳಾರಿ–ಬೆಂಗಳೂರು ರಸ್ತೆ, ಏಪಿಎಂಸಿ ಯಾರ್ಡ್, ಬಳ್ಳಾರಿ–583101
ಇ-ಮೇಲ್: apmcballari@gmail.com, ದೂ:08392-250442 ಫ್ಯಾಕ್ಸ್:08392-250890
ಸಂ: ಕೃಉಮಾಸ/ಆ/ಲೆಕಸಂ: /404/2025–26	ದಿನಾಂಕ:08/07/2025
ಸಂಕ್ಷಿಪ್ತ ಪ್ರಕಟಣೆ
ಈ ಮೂಲಕ ಬಳ್ಳಾರಿ ಕೃಷಿ ಉತ್ಪನ್ನ ಮಾರುಕಟ್ಟೆ ಸಮಿತಿ ವ್ಯಾಪ್ತಿಯಲ್ಲಿರುವ ಎಲ್ಲಾ ಬೇಲ್ ಕಾರ್ಯಕರ್ತರಿಗೆ ಹಾಗೂ ಸಾರ್ವಜನಿಕರಿಗೆ ತಿಳಿಸುವುದೇನೆಂದರೆ, ಕೆಳಕಂಡ ನಿವೇಶನಗಳ ಹಂಚಿಕೆದಾರರು ತಮ್ಮ ಹೆಸರಿನಲ್ಲಿರುವ ನಿವೇಶನಗಳನ್ನು ವರ್ಗಾಯಿಸಲು ಅರ್ಜಿ ಸಲ್ಲಿಸಿರುತ್ತಾರೆ. ಆಕ್ಷೇಪಣೆಗಳಿದ್ದಲ್ಲಿ ಸಮಿತಿಗೆ ಸಲ್ಲಿಸಬಹುದು.
ಕ್ರ.ಸಂ	ನಿವೇಶನವನ್ನು ಕ್ರಯಕ್ಕೆ ನೀಡುತ್ತಿರುವ ಹಂಚಿಕೆದಾರರು	ನಿವೇಶನವನ್ನು ಖರೀದಿಸುತ್ತಿರುವವರು	ನಿವೇಶನ ಸಂಖ್ಯೆ
1	ಸೋಮಣ್ಣ ಚಿಲ್ಲರ	ಪಿ.ಎಸ್.ಕೆ ಶೆಟ್ಟರ	228
2	ದೇವರಾಜ ಚಿಲ್ಲರ	ಜಯರಾಮ ಚಿಲ್ಲರ	A-15
ಪ್ರಯುಕ್ತ ನಿವೇಶನಗಳ ವರ್ಗಾವಣೆ ಕುರಿತು ಆಕ್ಷೇಪಣೆಗಳಿದ್ದಲ್ಲಿ ಈ ಪ್ರಕಟಣೆ ಪ್ರಕಟವಾದ 15 ದಿನಗಳೊಳಗಾಗಿ ಲಿಖಿತ ರೂಪದಲ್ಲಿ ಸಮಿತಿ ಕಾರ್ಯದರ್ಶಿಯವರಿಗೆ ಸಲ್ಲಿಸತಕ್ಕದ್ದು. ನಂತರ ಬಂದ ಆಕ್ಷೇಪಣೆಗಳನ್ನು ಪರಿಗಣಿಸಲಾಗುವುದಿಲ್ಲ.
ಸಹಿ/– ಕಾರ್ಯದರ್ಶಿ, ಕೃಷಿ ಉತ್ಪನ್ನ ಮಾರುಕಟ್ಟೆ ಸಮಿತಿ, ಬಳ್ಳಾರಿ.	ಸಹಿ/– ಅಧ್ಯಕ್ಷರು, ಕೃಷಿ ಉತ್ಪನ್ನ ಮಾರುಕಟ್ಟೆ ಸಮಿತಿ, ಬಳ್ಳಾರಿ.
ಡಿಐಪಿಆರ್/ಬಳ್ಳಾರಿ/253/ಕೆಎಪಿಎಂಸಿ/2025–26
